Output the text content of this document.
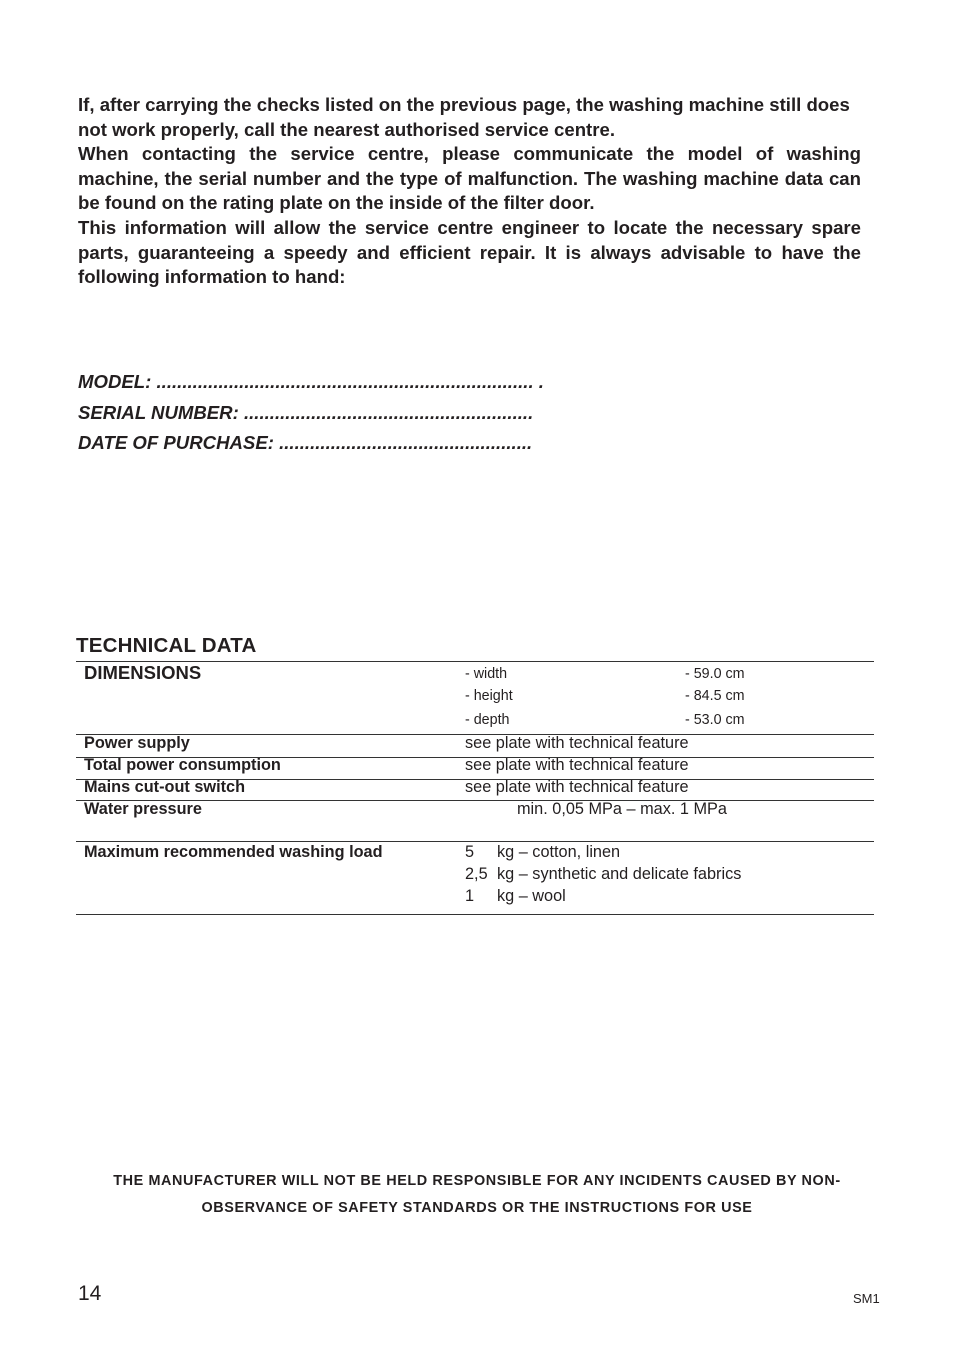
If, after carrying the checks listed on the previous page, the washing machine still does not work properly, call the nearest authorised service centre.

When contacting the service centre, please communicate the model of washing machine, the serial number and the type of malfunction. The washing machine data can be found on the rating plate on the inside of the filter door.

This information will allow the service centre engineer to locate the necessary spare parts, guaranteeing a speedy and efficient repair. It is always advisable to have the following information to hand:

MODEL: ......................................................................... .
SERIAL NUMBER: ........................................................
DATE OF PURCHASE: .................................................
TECHNICAL DATA
DIMENSIONS	- width	- 59.0 cm
- height	- 84.5 cm
- depth	- 53.0 cm
Power supply	see plate with technical feature
Total power consumption	see plate with technical feature
Mains cut-out switch	see plate with technical feature
Water pressure	min. 0,05 MPa – max. 1 MPa
Maximum recommended washing load	5 kg – cotton, linen
2,5 kg – synthetic and delicate fabrics
1 kg – wool
THE MANUFACTURER WILL NOT BE HELD RESPONSIBLE FOR ANY INCIDENTS CAUSED BY NON-
OBSERVANCE OF SAFETY STANDARDS OR THE INSTRUCTIONS FOR USE
14	SM1
